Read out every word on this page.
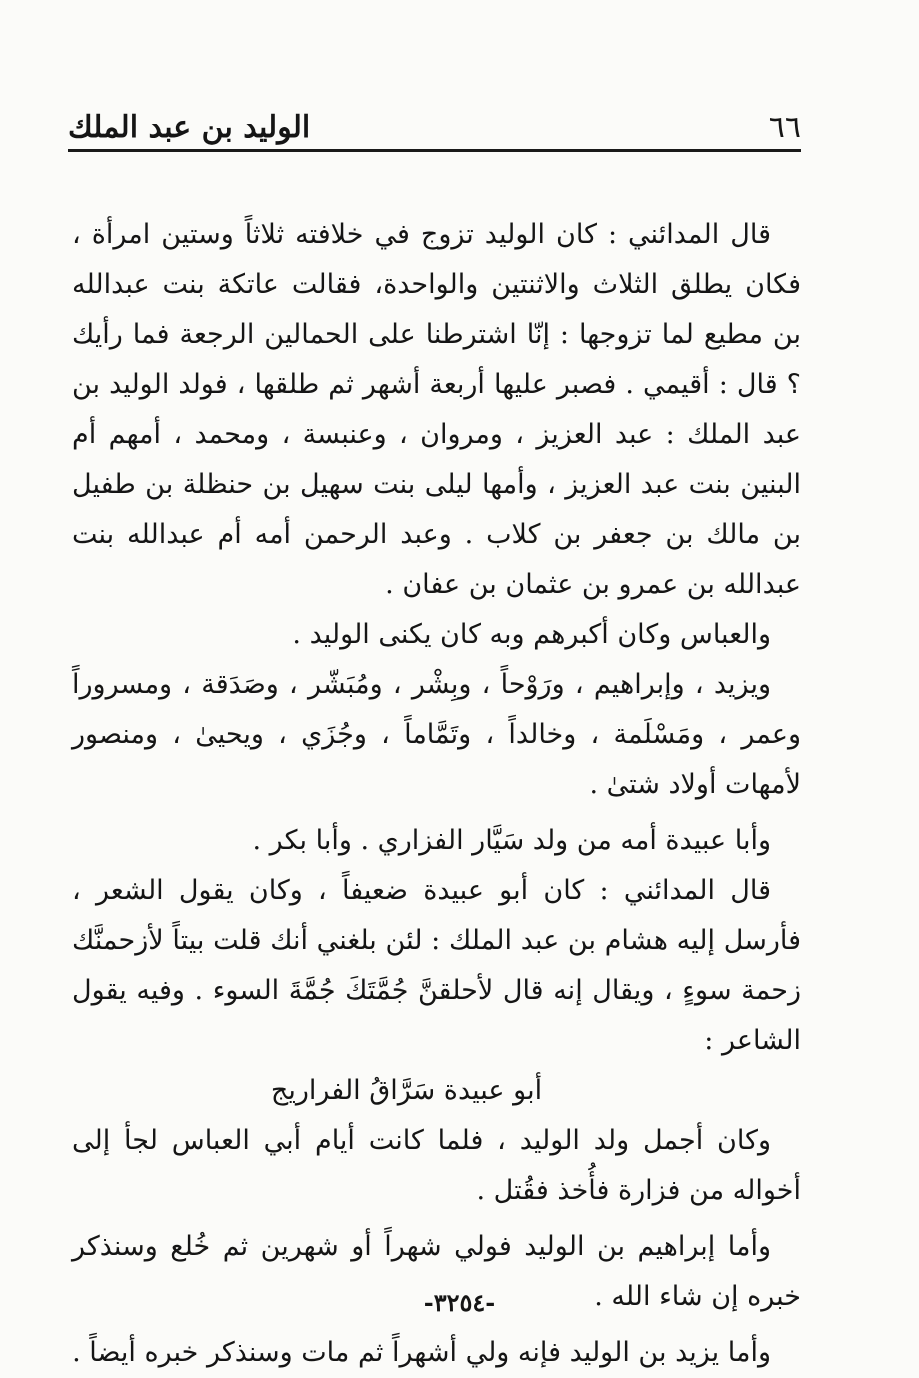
٦٦
الوليد بن عبد الملك

قال المدائني : كان الوليد تزوج في خلافته ثلاثاً وستين امرأة ، فكان يطلق الثلاث والاثنتين والواحدة، فقالت عاتكة بنت عبدالله بن مطيع لما تزوجها : إنّا اشترطنا على الحمالين الرجعة فما رأيك ؟ قال : أقيمي . فصبر عليها أربعة أشهر ثم طلقها ، فولد الوليد بن عبد الملك : عبد العزيز ، ومروان ، وعنبسة ، ومحمد ، أمهم أم البنين بنت عبد العزيز ، وأمها ليلى بنت سهيل بن حنظلة بن طفيل بن مالك بن جعفر بن كلاب . وعبد الرحمن أمه أم عبدالله بنت عبدالله بن عمرو بن عثمان بن عفان .

والعباس وكان أكبرهم وبه كان يكنى الوليد .

ويزيد ، وإبراهيم ، ورَوْحاً ، وبِشْر ، ومُبَشّر ، وصَدَقة ، ومسروراً وعمر ، ومَسْلَمة ، وخالداً ، وتَمَّاماً ، وجُزَي ، ويحيىٰ ، ومنصور لأمهات أولاد شتىٰ .

وأبا عبيدة أمه من ولد سَيَّار الفزاري . وأبا بكر .

قال المدائني : كان أبو عبيدة ضعيفاً ، وكان يقول الشعر ، فأرسل إليه هشام بن عبد الملك : لئن بلغني أنك قلت بيتاً لأزحمنَّك زحمة سوءٍ ، ويقال إنه قال لأحلقنَّ جُمَّتَكَ جُمَّةَ السوء . وفيه يقول الشاعر :

أبو عبيدة سَرَّاقُ الفراريج

وكان أجمل ولد الوليد ، فلما كانت أيام أبي العباس لجأ إلى أخواله من فزارة فأُخذ فقُتل .

وأما إبراهيم بن الوليد فولي شهراً أو شهرين ثم خُلع وسنذكر خبره إن شاء الله .

وأما يزيد بن الوليد فإنه ولي أشهراً ثم مات وسنذكر خبره أيضاً .

-٣٢٥٤-
